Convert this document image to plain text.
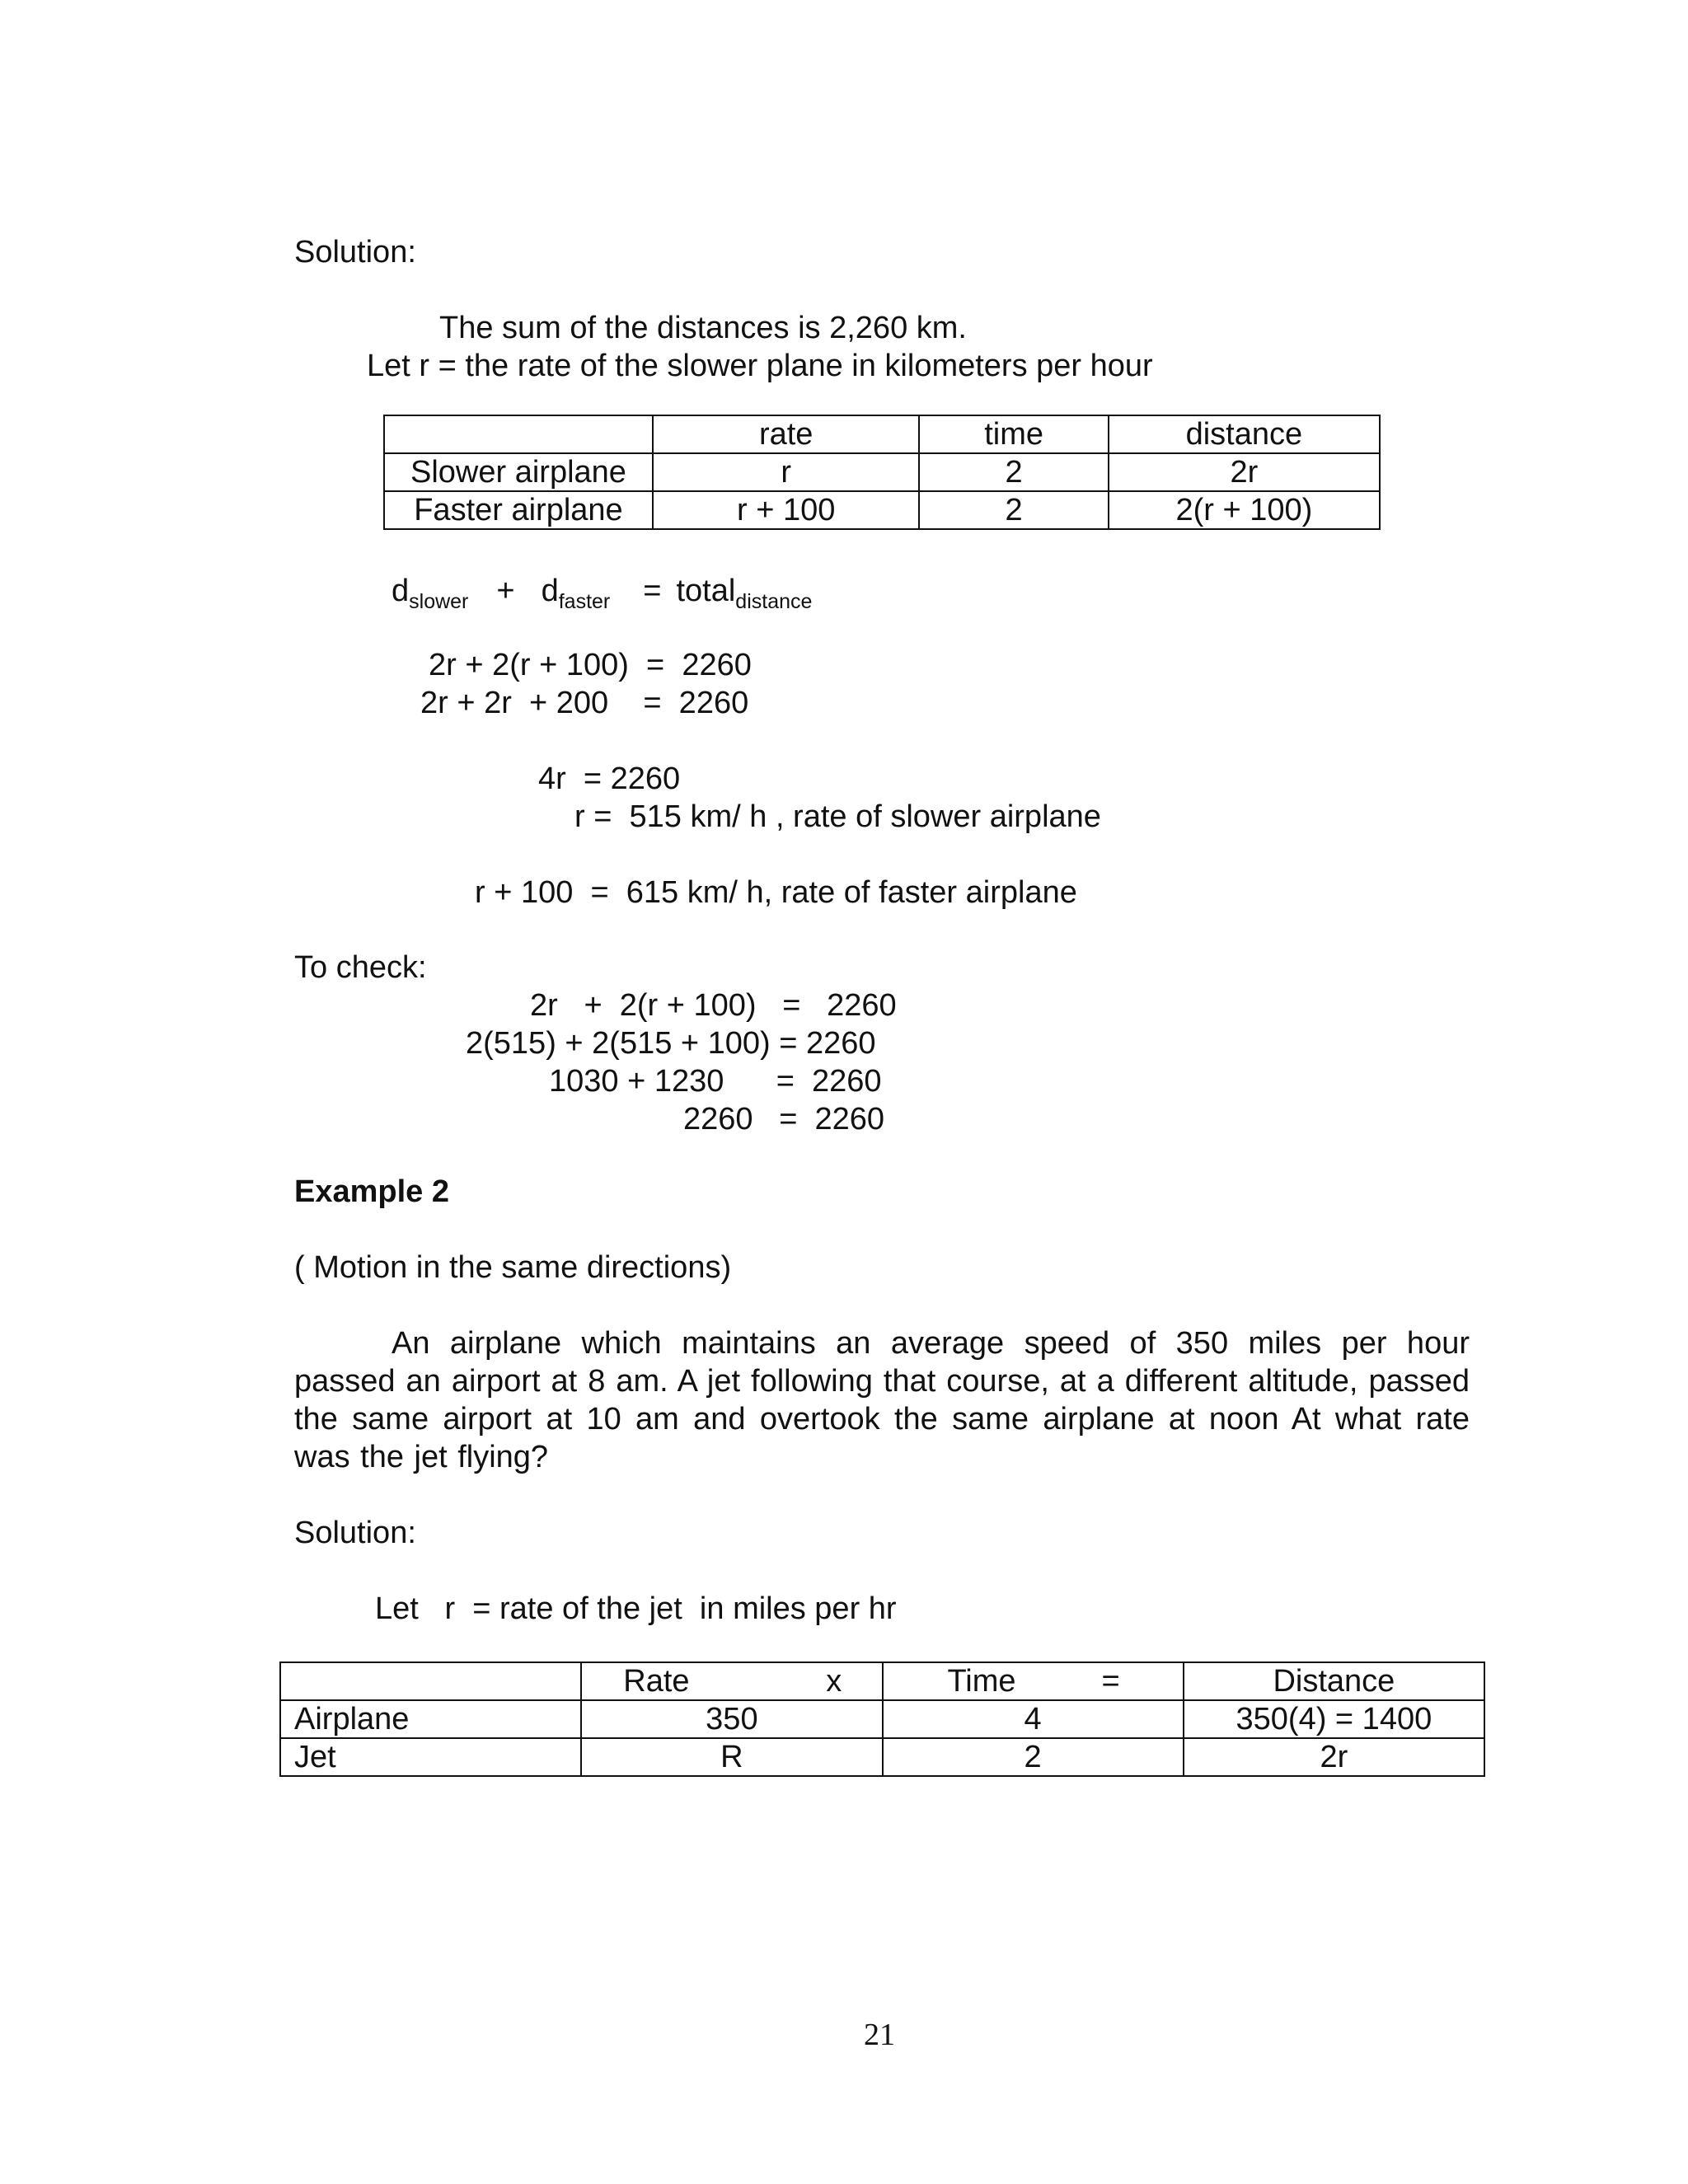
Solution:
The sum of the distances is 2,260 km.
Let r = the rate of the slower plane in kilometers per hour
	rate	time	distance
Slower airplane	r	2	2r
Faster airplane	r + 100	2	2(r + 100)
$d_{slower} + d_{faster}$ = total$_{distance}$
2r + 2(r + 100)  =  2260
2r + 2r  + 200    =  2260
4r  = 2260
r =  515 km/ h , rate of slower airplane
r + 100  =  615 km/ h, rate of faster airplane
To check:
2r   +  2(r + 100)   =   2260
2(515) + 2(515 + 100) = 2260
1030 + 1230      =  2260
2260   =  2260
Example 2
( Motion in the same directions)

An airplane which maintains an average speed of 350 miles per hour passed an airport at 8 am. A jet following that course, at a different altitude, passed the same airport at 10 am and overtook the same airplane at noon At what rate was the jet flying?

Solution:
Let   r  = rate of the jet  in miles per hr

	Rate x	Time =	Distance
Airplane	350	4	350(4) = 1400
Jet	R	2	2r
21
